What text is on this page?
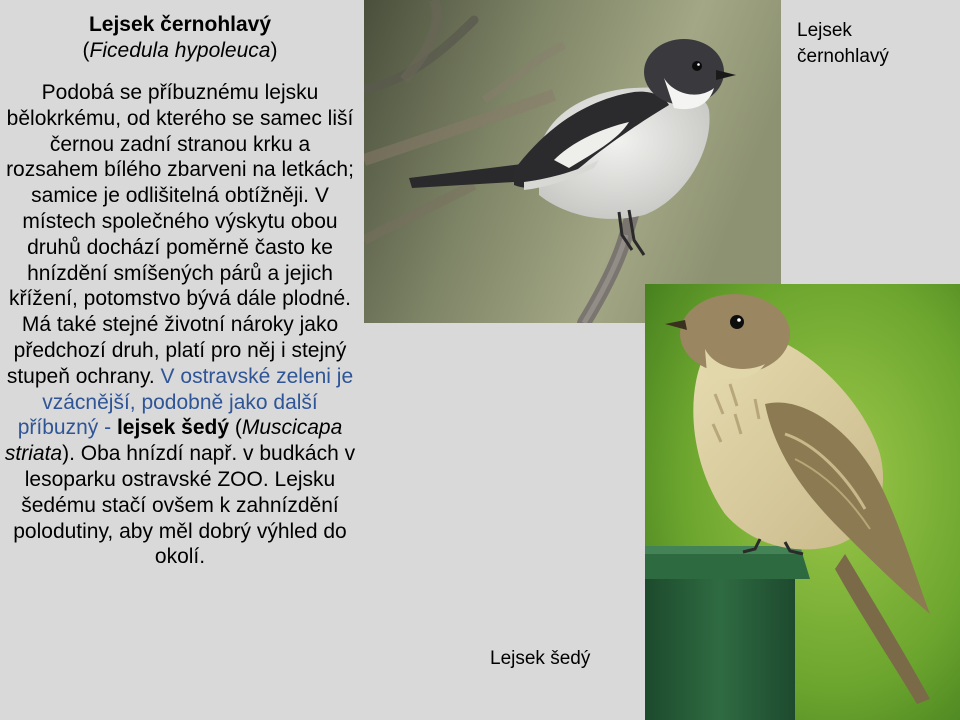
Lejsek černohlavý

(Ficedula hypoleuca)

Podobá se příbuznému lejsku bělokrkému, od kterého se samec liší černou zadní stranou krku a rozsahem bílého zbarveni na letkách; samice je odlišitelná obtížněji. V místech společného výskytu obou druhů dochází poměrně často ke hnízdění smíšených párů a jejich křížení, potomstvo bývá dále plodné. Má také stejné životní nároky jako předchozí druh, platí pro něj i stejný stupeň ochrany. V ostravské zeleni je vzácnější, podobně jako další příbuzný - lejsek šedý (Muscicapa striata). Oba hnízdí např. v budkách v lesoparku ostravské ZOO. Lejsku šedému stačí ovšem k zahnízdění polodutiny, aby měl dobrý výhled do okolí.
Lejsek černohlavý
Lejsek šedý
